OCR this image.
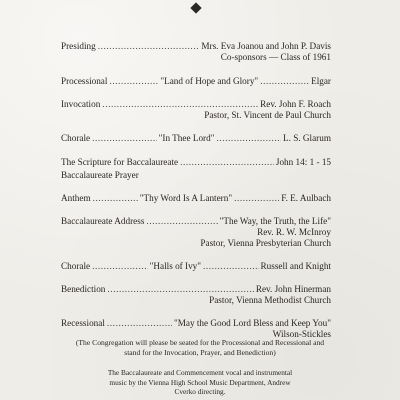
Presiding .....	Mrs. Eva Joanou and John P. Davis
Co-sponsors — Class of 1961
Processional .....	"Land of Hope and Glory" .....	Elgar
Invocation .....	Rev. John F. Roach
Pastor, St. Vincent de Paul Church
Chorale .....	"In Thee Lord" .....	L. S. Glarum
The Scripture for Baccalaureate .....	John 14: 1 - 15
Baccalaureate Prayer
Anthem .....	"Thy Word Is A Lantern" .....	F. E. Aulbach
Baccalaureate Address .....	"The Way, the Truth, the Life"
Rev. R. W. McInroy
Pastor, Vienna Presbyterian Church
Chorale .....	"Halls of Ivy" .....	Russell and Knight
Benediction .....	Rev. John Hinerman
Pastor, Vienna Methodist Church
Recessional .....	"May the Good Lord Bless and Keep You"
Wilson-Stickles
(The Congregation will please be seated for the Processional and Recessional and stand for the Invocation, Prayer, and Benediction)
The Baccalaureate and Commencement vocal and instrumental music by the Vienna High School Music Department, Andrew Cverko directing.
